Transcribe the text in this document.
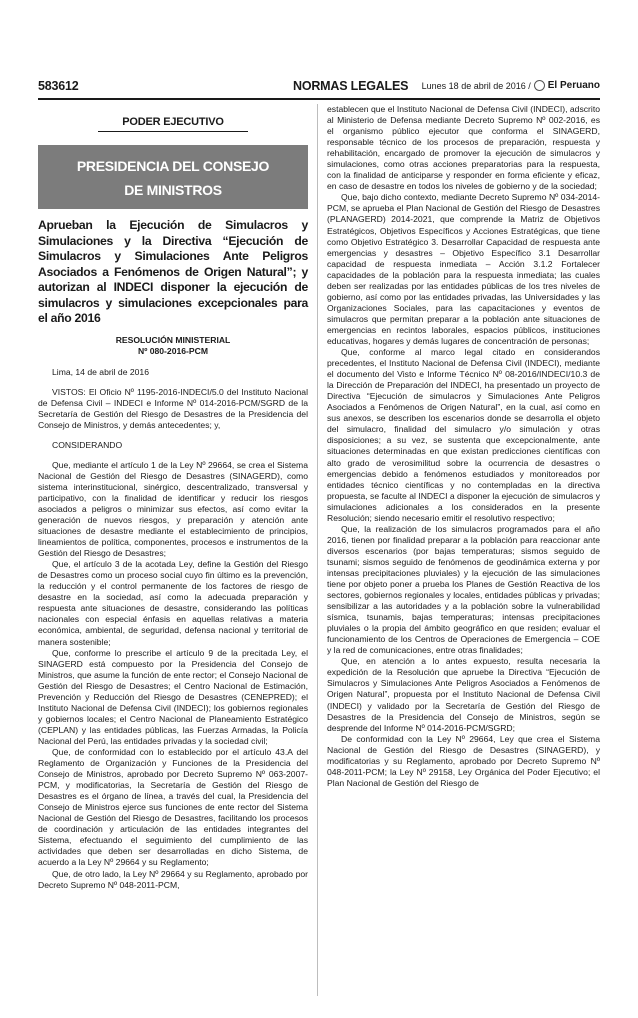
583612	NORMAS LEGALES Lunes 18 de abril de 2016 / El Peruano
PODER EJECUTIVO
PRESIDENCIA DEL CONSEJO
DE MINISTROS
Aprueban la Ejecución de Simulacros y Simulaciones y la Directiva “Ejecución de Simulacros y Simulaciones Ante Peligros Asociados a Fenómenos de Origen Natural”; y autorizan al INDECI disponer la ejecución de simulacros y simulaciones excepcionales para el año 2016
RESOLUCIÓN MINISTERIAL
Nº 080-2016-PCM

Lima, 14 de abril de 2016

VISTOS: El Oficio Nº 1195-2016-INDECI/5.0 del Instituto Nacional de Defensa Civil – INDECI e Informe Nº 014-2016-PCM/SGRD de la Secretaría de Gestión del Riesgo de Desastres de la Presidencia del Consejo de Ministros, y demás antecedentes; y,

CONSIDERANDO

Que, mediante el artículo 1 de la Ley Nº 29664, se crea el Sistema Nacional de Gestión del Riesgo de Desastres (SINAGERD), como sistema interinstitucional, sinérgico, descentralizado, transversal y participativo, con la finalidad de identificar y reducir los riesgos asociados a peligros o minimizar sus efectos, así como evitar la generación de nuevos riesgos, y preparación y atención ante situaciones de desastre mediante el establecimiento de principios, lineamientos de política, componentes, procesos e instrumentos de la Gestión del Riesgo de Desastres;

Que, el artículo 3 de la acotada Ley, define la Gestión del Riesgo de Desastres como un proceso social cuyo fin último es la prevención, la reducción y el control permanente de los factores de riesgo de desastre en la sociedad, así como la adecuada preparación y respuesta ante situaciones de desastre, considerando las políticas nacionales con especial énfasis en aquellas relativas a materia económica, ambiental, de seguridad, defensa nacional y territorial de manera sostenible;

Que, conforme lo prescribe el artículo 9 de la precitada Ley, el SINAGERD está compuesto por la Presidencia del Consejo de Ministros, que asume la función de ente rector; el Consejo Nacional de Gestión del Riesgo de Desastres; el Centro Nacional de Estimación, Prevención y Reducción del Riesgo de Desastres (CENEPRED); el Instituto Nacional de Defensa Civil (INDECI); los gobiernos regionales y gobiernos locales; el Centro Nacional de Planeamiento Estratégico (CEPLAN) y las entidades públicas, las Fuerzas Armadas, la Policía Nacional del Perú, las entidades privadas y la sociedad civil;

Que, de conformidad con lo establecido por el artículo 43.A del Reglamento de Organización y Funciones de la Presidencia del Consejo de Ministros, aprobado por Decreto Supremo Nº 063-2007-PCM, y modificatorias, la Secretaría de Gestión del Riesgo de Desastres es el órgano de línea, a través del cual, la Presidencia del Consejo de Ministros ejerce sus funciones de ente rector del Sistema Nacional de Gestión del Riesgo de Desastres, facilitando los procesos de coordinación y articulación de las entidades integrantes del Sistema, efectuando el seguimiento del cumplimiento de las actividades que deben ser desarrolladas en dicho Sistema, de acuerdo a la Ley Nº 29664 y su Reglamento;

Que, de otro lado, la Ley Nº 29664 y su Reglamento, aprobado por Decreto Supremo Nº 048-2011-PCM,

establecen que el Instituto Nacional de Defensa Civil (INDECI), adscrito al Ministerio de Defensa mediante Decreto Supremo Nº 002-2016, es el organismo público ejecutor que conforma el SINAGERD, responsable técnico de los procesos de preparación, respuesta y rehabilitación, encargado de promover la ejecución de simulacros y simulaciones, como otras acciones preparatorias para la respuesta, con la finalidad de anticiparse y responder en forma eficiente y eficaz, en caso de desastre en todos los niveles de gobierno y de la sociedad;

Que, bajo dicho contexto, mediante Decreto Supremo Nº 034-2014-PCM, se aprueba el Plan Nacional de Gestión del Riesgo de Desastres (PLANAGERD) 2014-2021, que comprende la Matriz de Objetivos Estratégicos, Objetivos Específicos y Acciones Estratégicas, que tiene como Objetivo Estratégico 3. Desarrollar Capacidad de respuesta ante emergencias y desastres – Objetivo Específico 3.1 Desarrollar capacidad de respuesta inmediata – Acción 3.1.2 Fortalecer capacidades de la población para la respuesta inmediata; las cuales deben ser realizadas por las entidades públicas de los tres niveles de gobierno, así como por las entidades privadas, las Universidades y las Organizaciones Sociales, para las capacitaciones y eventos de simulacros que permitan preparar a la población ante situaciones de emergencias en recintos laborales, espacios públicos, instituciones educativas, hogares y demás lugares de concentración de personas;

Que, conforme al marco legal citado en considerandos precedentes, el Instituto Nacional de Defensa Civil (INDECI), mediante el documento del Visto e Informe Técnico Nº 08-2016/INDECI/10.3 de la Dirección de Preparación del INDECI, ha presentado un proyecto de Directiva “Ejecución de simulacros y Simulaciones Ante Peligros Asociados a Fenómenos de Origen Natural”, en la cual, así como en sus anexos, se describen los escenarios donde se desarrolla el objeto del simulacro, finalidad del simulacro y/o simulación y otras disposiciones; a su vez, se sustenta que excepcionalmente, ante situaciones determinadas en que existan predicciones científicas con alto grado de verosimilitud sobre la ocurrencia de desastres o emergencias debido a fenómenos estudiados y monitoreados por entidades técnico científicas y no contempladas en la directiva propuesta, se faculte al INDECI a disponer la ejecución de simulacros y simulaciones adicionales a los considerados en la presente Resolución; siendo necesario emitir el resolutivo respectivo;

Que, la realización de los simulacros programados para el año 2016, tienen por finalidad preparar a la población para reaccionar ante diversos escenarios (por bajas temperaturas; sismos seguido de tsunami; sismos seguido de fenómenos de geodinámica externa y por intensas precipitaciones pluviales) y la ejecución de las simulaciones tiene por objeto poner a prueba los Planes de Gestión Reactiva de los sectores, gobiernos regionales y locales, entidades públicas y privadas; sensibilizar a las autoridades y a la población sobre la vulnerabilidad sísmica, tsunamis, bajas temperaturas; intensas precipitaciones pluviales o la propia del ámbito geográfico en que residen; evaluar el funcionamiento de los Centros de Operaciones de Emergencia – COE y la red de comunicaciones, entre otras finalidades;

Que, en atención a lo antes expuesto, resulta necesaria la expedición de la Resolución que apruebe la Directiva “Ejecución de Simulacros y Simulaciones Ante Peligros Asociados a Fenómenos de Origen Natural”, propuesta por el Instituto Nacional de Defensa Civil (INDECI) y validado por la Secretaría de Gestión del Riesgo de Desastres de la Presidencia del Consejo de Ministros, según se desprende del Informe Nº 014-2016-PCM/SGRD;

De conformidad con la Ley Nº 29664, Ley que crea el Sistema Nacional de Gestión del Riesgo de Desastres (SINAGERD), y modificatorias y su Reglamento, aprobado por Decreto Supremo Nº 048-2011-PCM; la Ley Nº 29158, Ley Orgánica del Poder Ejecutivo; el Plan Nacional de Gestión del Riesgo de
